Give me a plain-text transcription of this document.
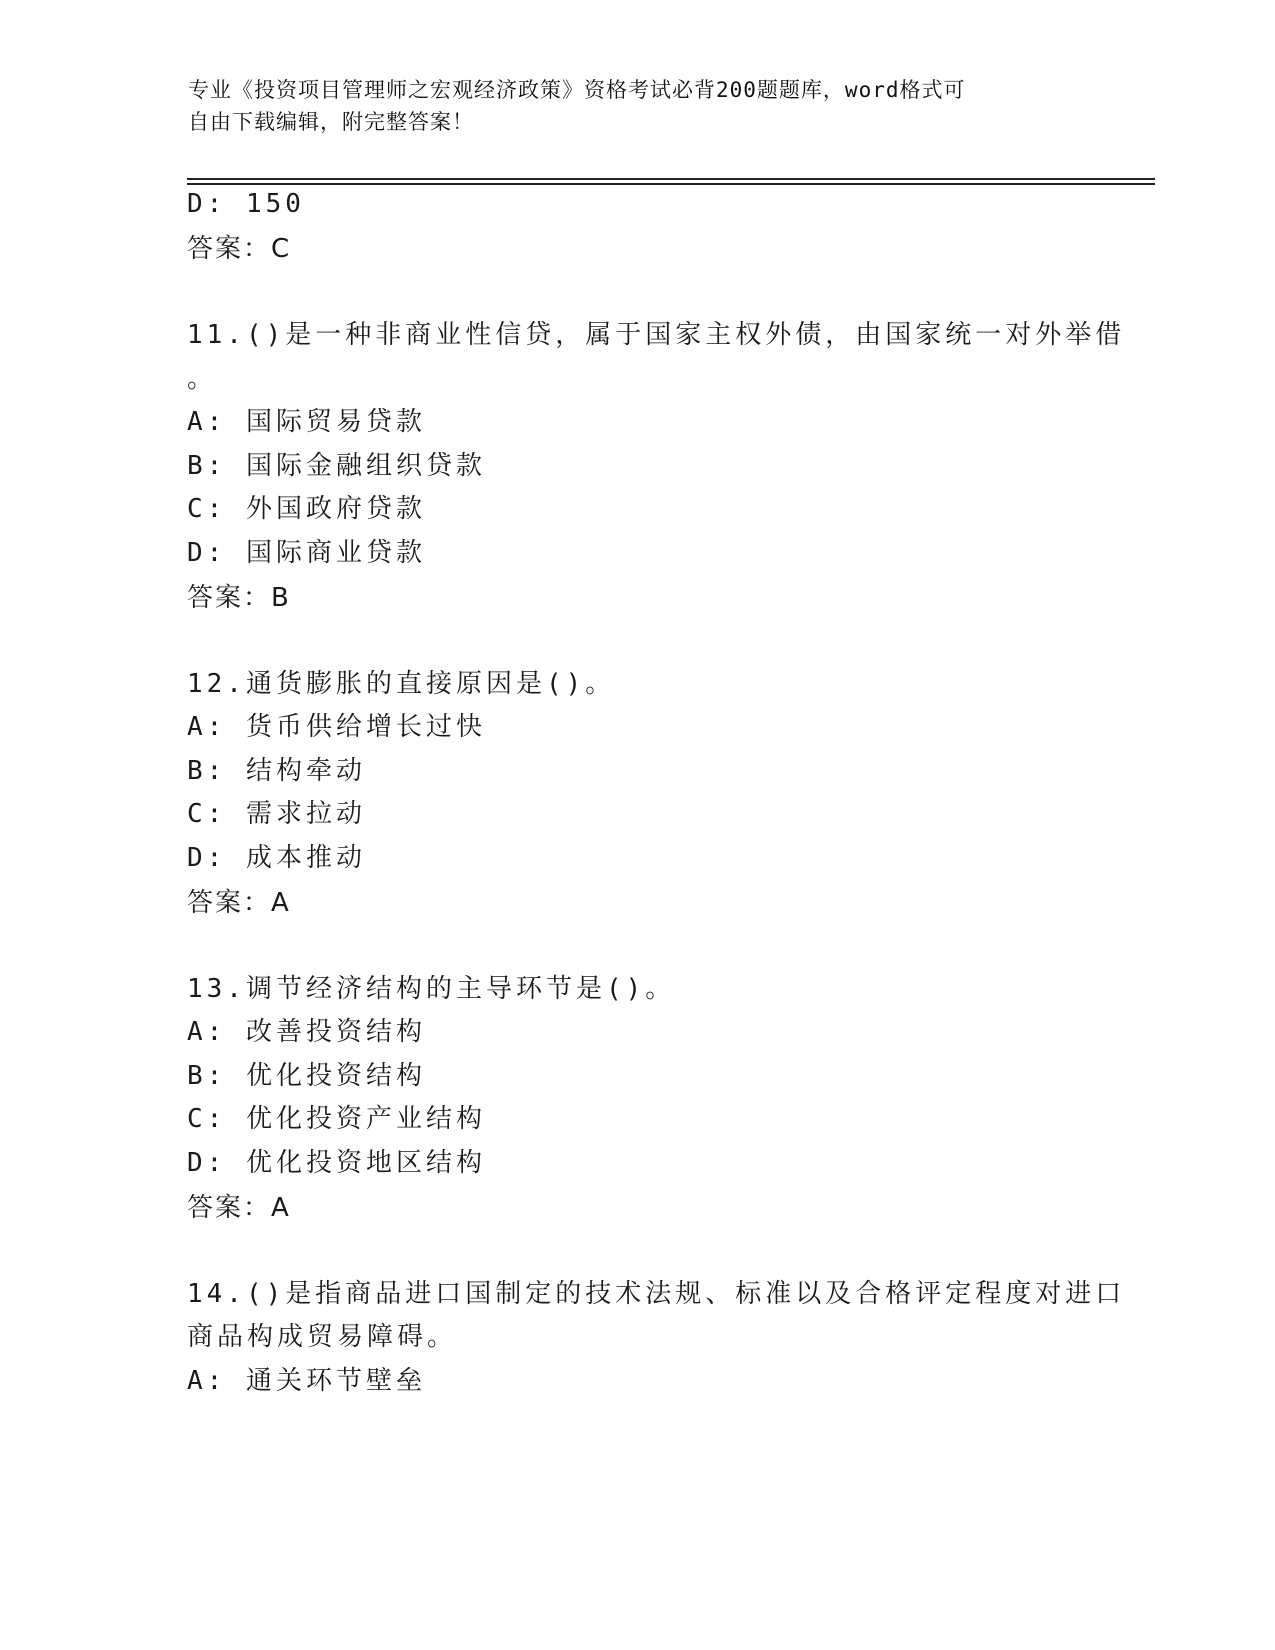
专业《投资项目管理师之宏观经济政策》资格考试必背200题题库，word格式可
自由下载编辑，附完整答案！
D: 150
答案：C
11.()是一种非商业性信贷，属于国家主权外债，由国家统一对外举借
。
A: 国际贸易贷款
B: 国际金融组织贷款
C: 外国政府贷款
D: 国际商业贷款
答案：B
12.通货膨胀的直接原因是()。
A: 货币供给增长过快
B: 结构牵动
C: 需求拉动
D: 成本推动
答案：A
13.调节经济结构的主导环节是()。
A: 改善投资结构
B: 优化投资结构
C: 优化投资产业结构
D: 优化投资地区结构
答案：A
14.()是指商品进口国制定的技术法规、标准以及合格评定程度对进口
商品构成贸易障碍。
A: 通关环节壁垒
